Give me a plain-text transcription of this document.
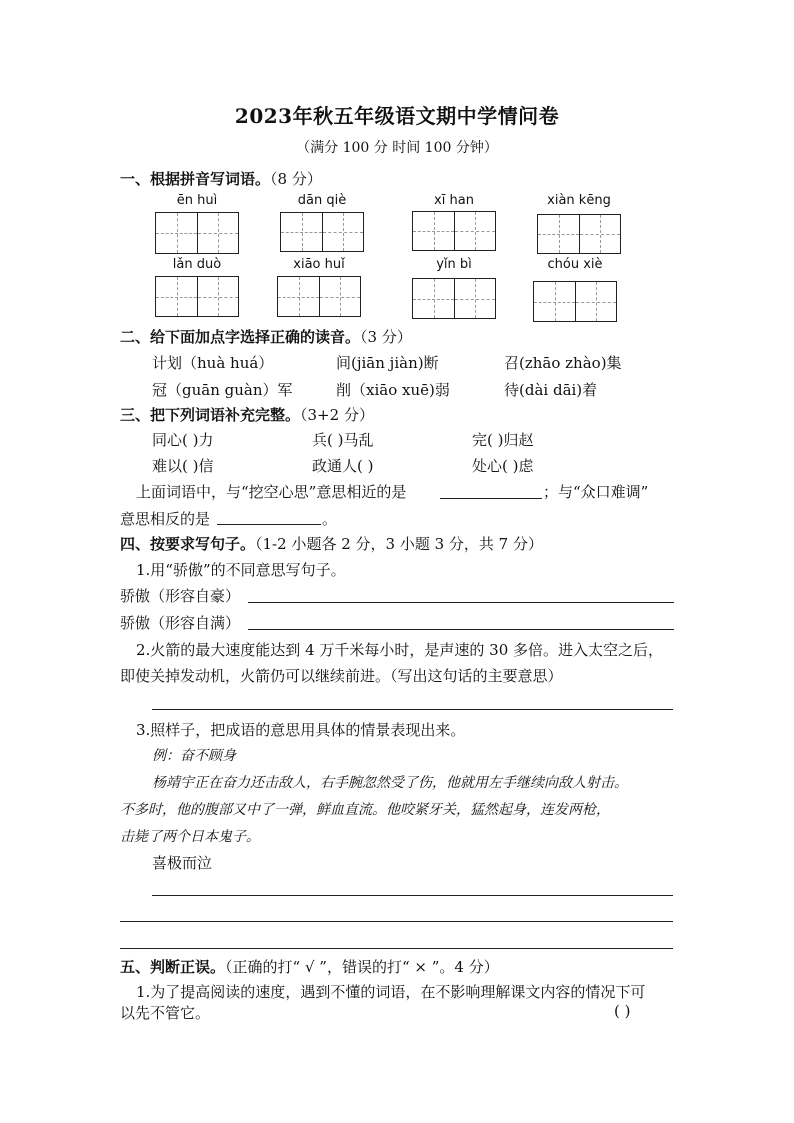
2023年秋五年级语文期中学情问卷
（满分 100 分 时间 100 分钟）
一、根据拼音写词语。（8 分）
ēn huì	dān qiè	xī han	xiàn kēng
lǎn duò	xiāo huǐ	yǐn bì	chóu xiè
二、给下面加点字选择正确的读音。（3 分）
计划（huà huá）	间(jiān jiàn)断	召(zhāo zhào)集
冠（guān guàn）军	削（xiāo xuē)弱	待(dài dāi)着
三、把下列词语补充完整。（3+2 分）
同心( )力	兵( )马乱	完( )归赵
难以( )信	政通人( )	处心( )虑
上面词语中，与“挖空心思”意思相近的是	；与“众口难调”
意思相反的是	。
四、按要求写句子。（1-2 小题各 2 分，3 小题 3 分，共 7 分）
1.用“骄傲”的不同意思写句子。
骄傲（形容自豪）
骄傲（形容自满）
2.火箭的最大速度能达到 4 万千米每小时，是声速的 30 多倍。进入太空之后，
即使关掉发动机，火箭仍可以继续前进。（写出这句话的主要意思）
3.照样子，把成语的意思用具体的情景表现出来。
例：奋不顾身
杨靖宇正在奋力还击敌人，右手腕忽然受了伤，他就用左手继续向敌人射击。
不多时，他的腹部又中了一弹，鲜血直流。他咬紧牙关，猛然起身，连发两枪，
击毙了两个日本鬼子。
喜极而泣
五、判断正误。（正确的打“ √ ”，错误的打“ × ”。4 分）
1.为了提高阅读的速度，遇到不懂的词语，在不影响理解课文内容的情况下可
以先不管它。	( )
